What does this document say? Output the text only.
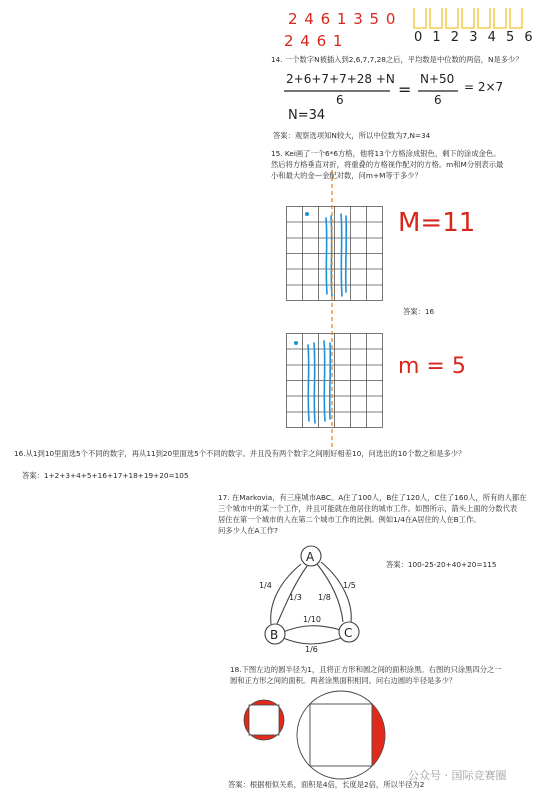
2 4 6 1 3 5 0
2 4 6 1	0 1 2 3 4 5 6
14. 一个数字N被插入到2,6,7,7,28之后，平均数是中位数的两倍，N是多少？
2+6+7+7+28 +N
6
=
N+50
6
= 2×7
N=34
答案：观察选项知N较大，所以中位数为7,N=34
15. Kei画了一个6*6方格，他将13个方格涂成银色，剩下的涂成金色。
然后将方格垂直对折，将重叠的方格视作配对的方格。m和M分别表示最
小和最大的金—金配对数，问m+M等于多少？
M=11
答案：16
m = 5
16.从1到10里面选5个不同的数字，再从11到20里面选5个不同的数字。并且没有两个数字之间刚好相差10，问选出的10个数之和是多少？
答案：1+2+3+4+5+16+17+18+19+20=105
17. 在Markovia，有三座城市ABC。A住了100人，B住了120人，C住了160人，所有的人都在
三个城市中的某一个工作，并且可能就在他居住的城市工作。如图所示，箭头上面的分数代表
居住在第一个城市的人在第二个城市工作的比例。例如1/4在A居住的人在B工作。
问多少人在A工作?
A
B	C
1/4
1/3 1/8
1/5
1/10
1/6
答案：100-25-20+40+20=115
18.下图左边的圆半径为1，且将正方形和圆之间的面积涂黑。右图的只涂黑四分之一
圆和正方形之间的面积。两者涂黑面积相同。问右边圆的半径是多少？
答案：根据相似关系，面积是4倍，长度是2倍，所以半径为2
公众号 · 国际竞赛圈
